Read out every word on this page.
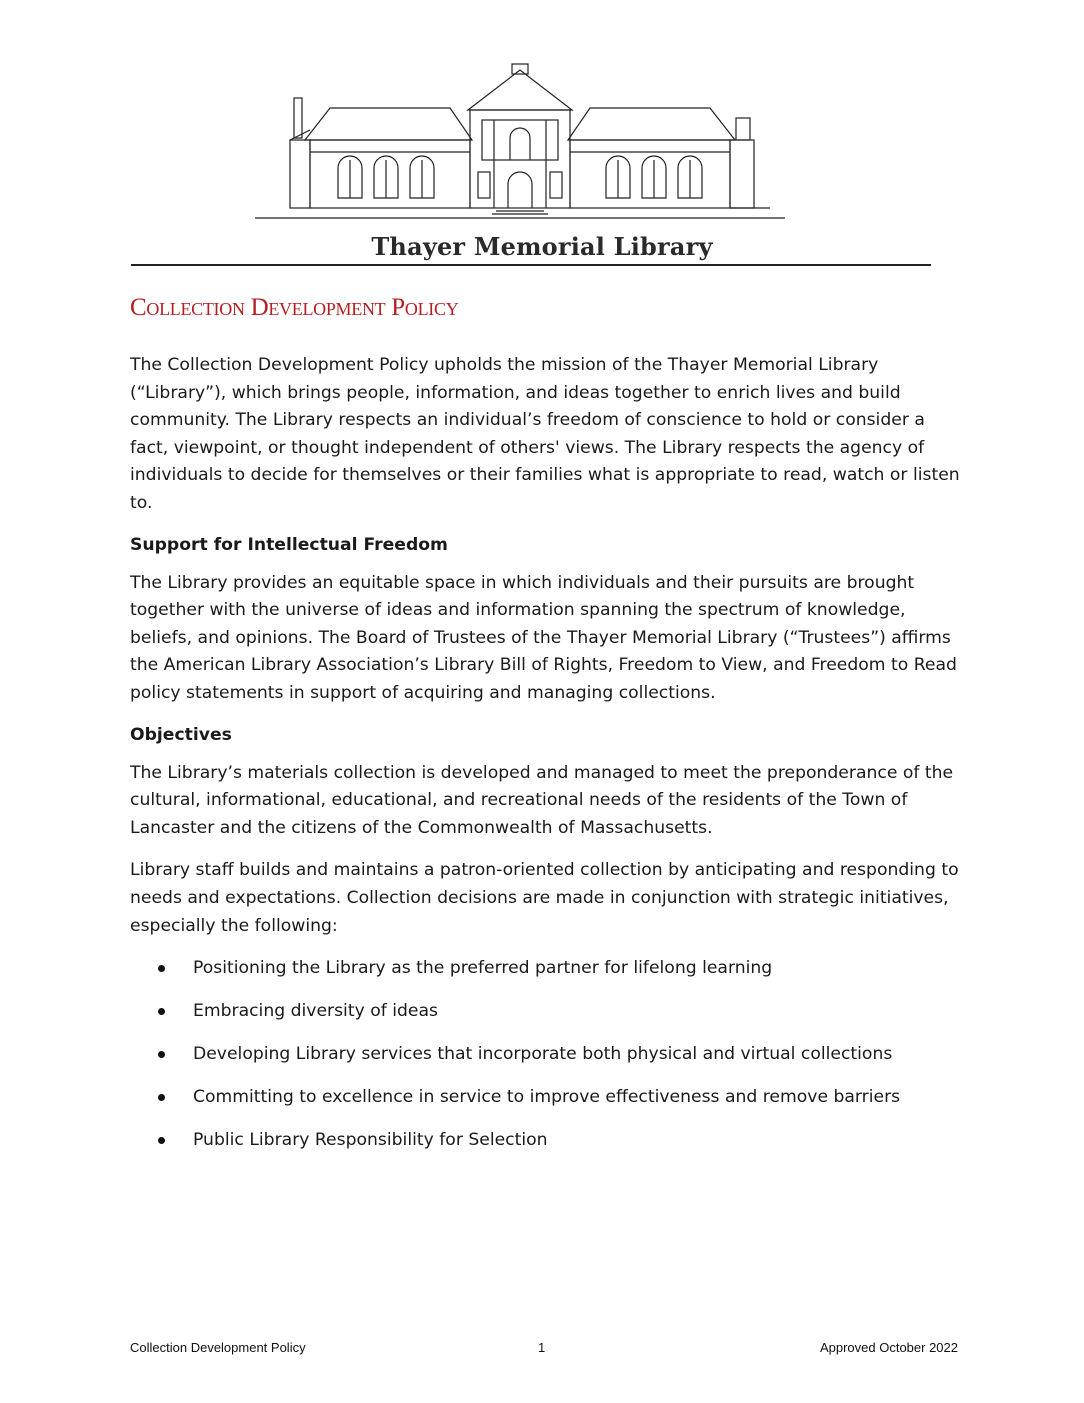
Thayer Memorial Library
Collection Development Policy

The Collection Development Policy upholds the mission of the Thayer Memorial Library (“Library”), which brings people, information, and ideas together to enrich lives and build community. The Library respects an individual’s freedom of conscience to hold or consider a fact, viewpoint, or thought independent of others' views. The Library respects the agency of individuals to decide for themselves or their families what is appropriate to read, watch or listen to.

Support for Intellectual Freedom

The Library provides an equitable space in which individuals and their pursuits are brought together with the universe of ideas and information spanning the spectrum of knowledge, beliefs, and opinions. The Board of Trustees of the Thayer Memorial Library (“Trustees”) affirms the American Library Association’s Library Bill of Rights, Freedom to View, and Freedom to Read policy statements in support of acquiring and managing collections.

Objectives

The Library’s materials collection is developed and managed to meet the preponderance of the cultural, informational, educational, and recreational needs of the residents of the Town of Lancaster and the citizens of the Commonwealth of Massachusetts.

Library staff builds and maintains a patron-oriented collection by anticipating and responding to needs and expectations. Collection decisions are made in conjunction with strategic initiatives, especially the following:

Positioning the Library as the preferred partner for lifelong learning
Embracing diversity of ideas
Developing Library services that incorporate both physical and virtual collections
Committing to excellence in service to improve effectiveness and remove barriers
Public Library Responsibility for Selection
Collection Development Policy	1	Approved October 2022
